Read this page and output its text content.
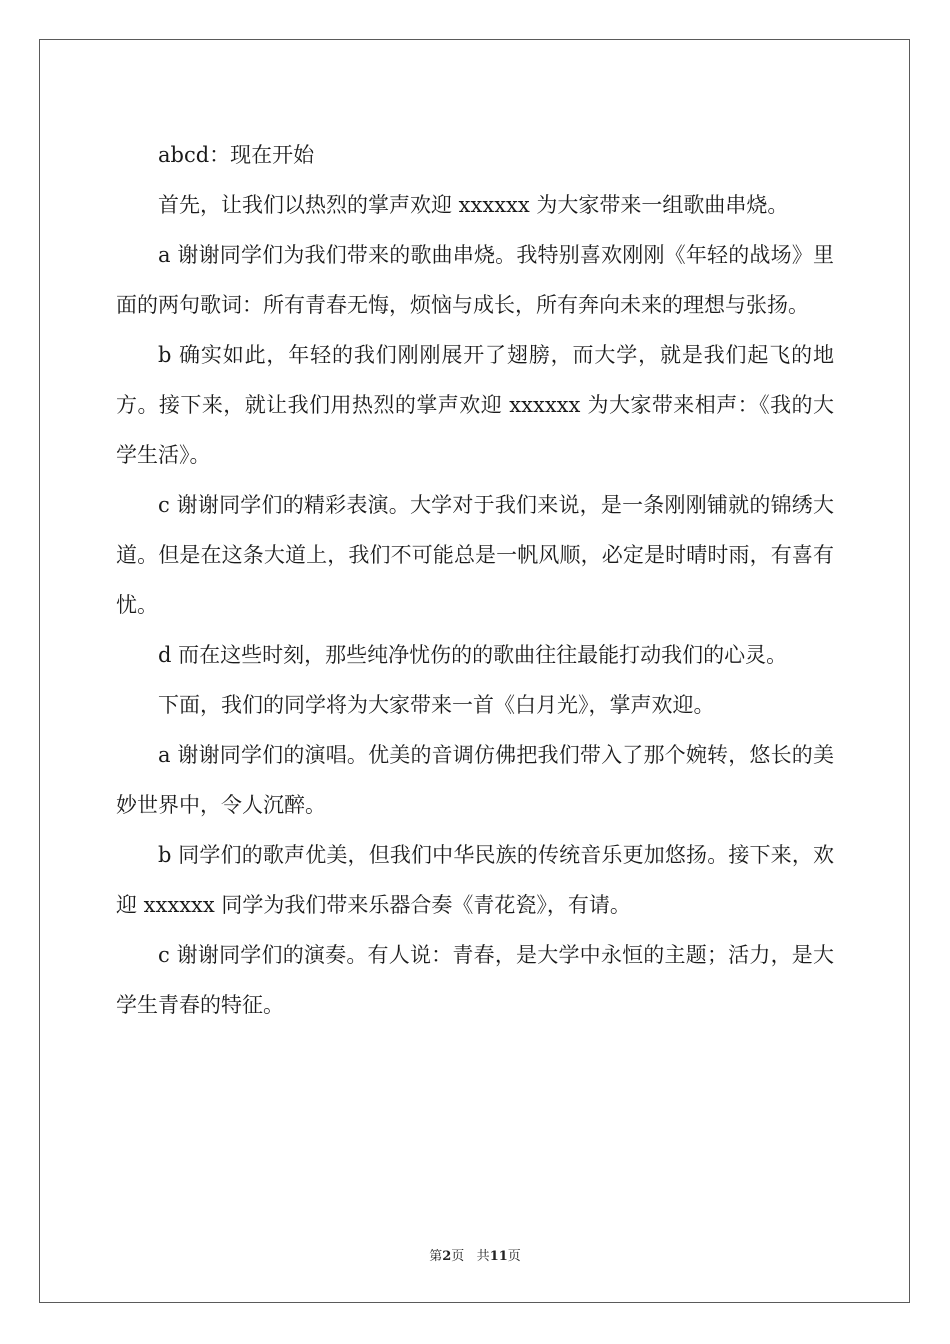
abcd：现在开始

首先，让我们以热烈的掌声欢迎 xxxxxx 为大家带来一组歌曲串烧。

a 谢谢同学们为我们带来的歌曲串烧。我特别喜欢刚刚《年轻的战场》里面的两句歌词：所有青春无悔，烦恼与成长，所有奔向未来的理想与张扬。

b 确实如此，年轻的我们刚刚展开了翅膀，而大学，就是我们起飞的地方。接下来，就让我们用热烈的掌声欢迎 xxxxxx 为大家带来相声：《我的大学生活》。

c 谢谢同学们的精彩表演。大学对于我们来说，是一条刚刚铺就的锦绣大道。但是在这条大道上，我们不可能总是一帆风顺，必定是时晴时雨，有喜有忧。

d 而在这些时刻，那些纯净忧伤的的歌曲往往最能打动我们的心灵。

下面，我们的同学将为大家带来一首《白月光》，掌声欢迎。

a 谢谢同学们的演唱。优美的音调仿佛把我们带入了那个婉转，悠长的美妙世界中，令人沉醉。

b 同学们的歌声优美，但我们中华民族的传统音乐更加悠扬。接下来，欢迎 xxxxxx 同学为我们带来乐器合奏《青花瓷》，有请。

c 谢谢同学们的演奏。有人说：青春，是大学中永恒的主题；活力，是大学生青春的特征。

第2页 共11页
